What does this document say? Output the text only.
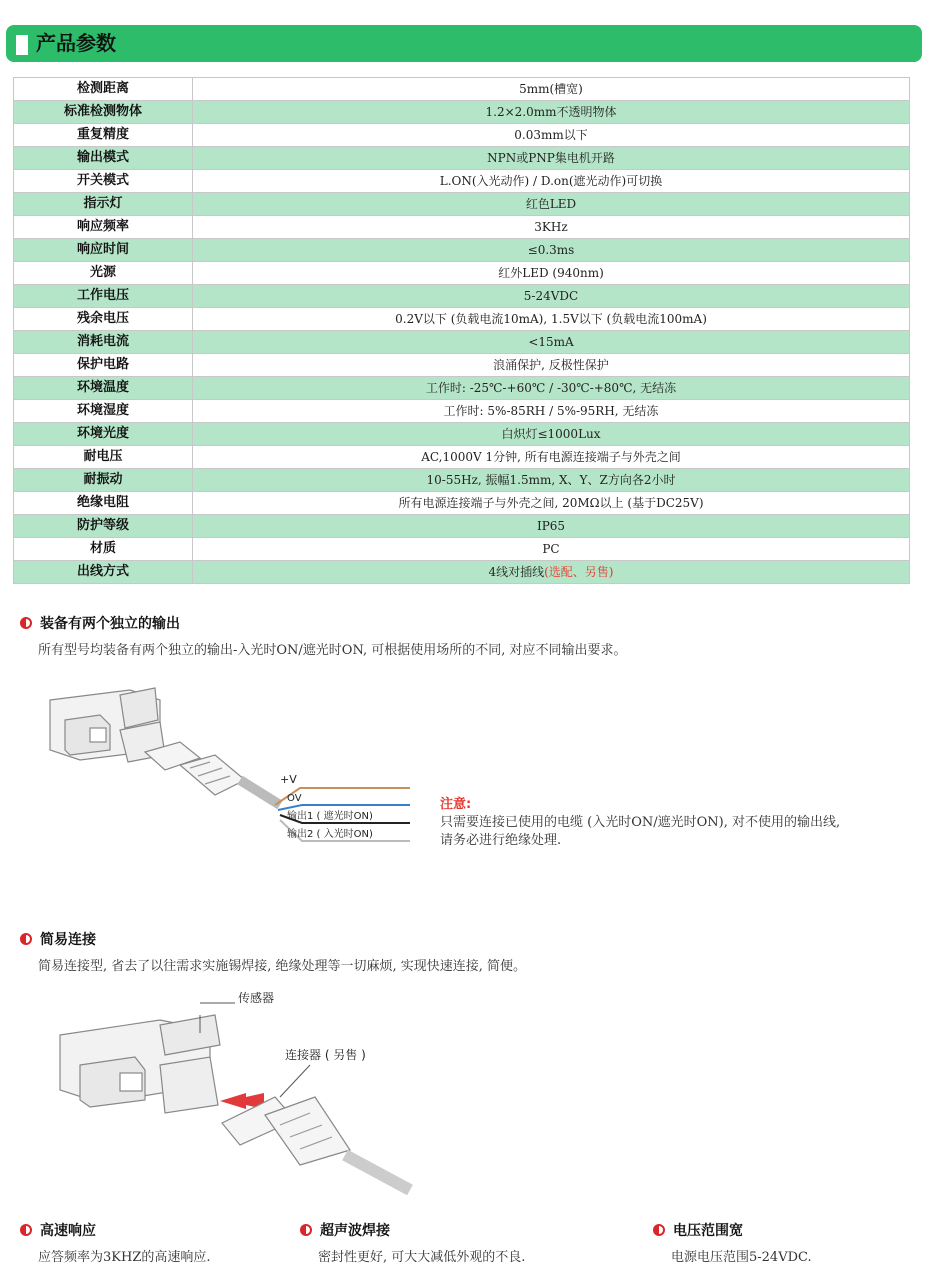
产品参数
检测距离	5mm(槽宽)
标准检测物体	1.2×2.0mm不透明物体
重复精度	0.03mm以下
输出模式	NPN或PNP集电机开路
开关模式	L.ON(入光动作) / D.on(遮光动作)可切换
指示灯	红色LED
响应频率	3KHz
响应时间	≤0.3ms
光源	红外LED (940nm)
工作电压	5-24VDC
残余电压	0.2V以下 (负载电流10mA), 1.5V以下 (负载电流100mA)
消耗电流	<15mA
保护电路	浪涌保护, 反极性保护
环境温度	工作时: -25℃-+60℃ / -30℃-+80℃, 无结冻
环境湿度	工作时: 5%-85RH / 5%-95RH, 无结冻
环境光度	白炽灯≤1000Lux
耐电压	AC,1000V 1分钟, 所有电源连接端子与外壳之间
耐振动	10-55Hz, 振幅1.5mm, X、Y、Z方向各2小时
绝缘电阻	所有电源连接端子与外壳之间, 20MΩ以上 (基于DC25V)
防护等级	IP65
材质	PC
出线方式	4线对插线(选配、另售)
装备有两个独立的输出
所有型号均装备有两个独立的输出-入光时ON/遮光时ON, 可根据使用场所的不同, 对应不同输出要求。
+V
OV
输出1 ( 遮光时ON)
输出2 ( 入光时ON)
注意:
只需要连接已使用的电缆 (入光时ON/遮光时ON), 对不使用的输出线,
请务必进行绝缘处理.
简易连接
简易连接型, 省去了以往需求实施锡焊接, 绝缘处理等一切麻烦, 实现快速连接, 简便。
传感器
连接器 ( 另售 )
高速响应
应答频率为3KHZ的高速响应.
超声波焊接
密封性更好, 可大大减低外观的不良.
电压范围宽
电源电压范围5-24VDC.
